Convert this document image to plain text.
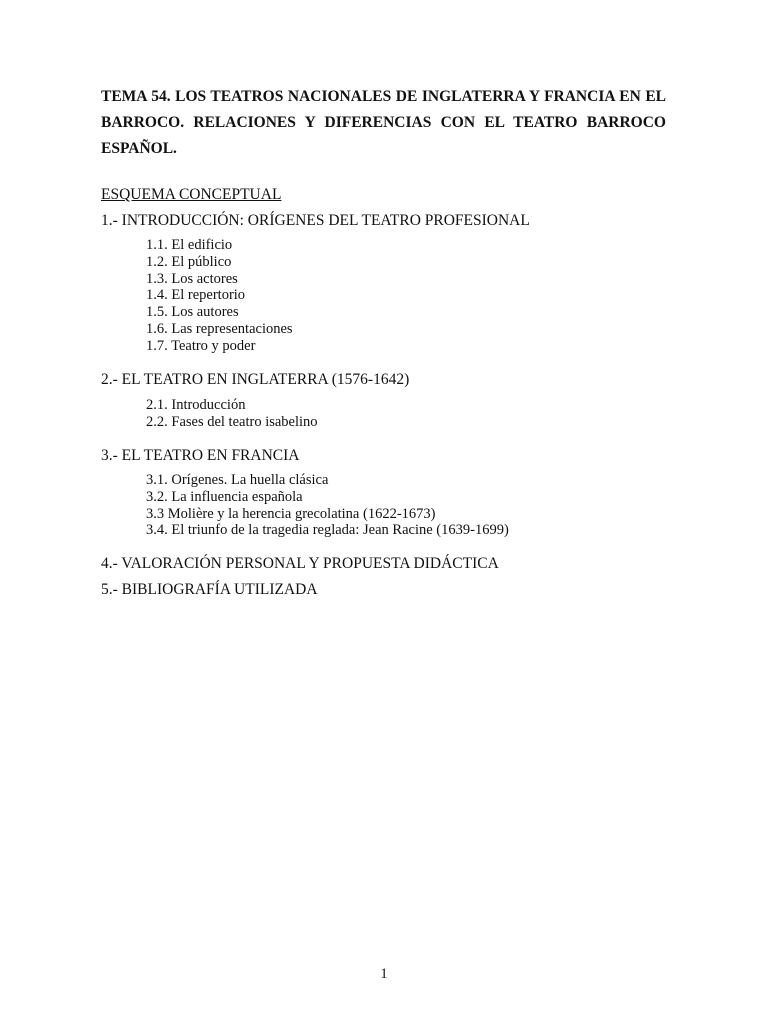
TEMA 54. LOS TEATROS NACIONALES DE INGLATERRA Y FRANCIA EN EL
BARROCO. RELACIONES Y DIFERENCIAS CON EL TEATRO BARROCO
ESPAÑOL.

ESQUEMA CONCEPTUAL

1.- INTRODUCCIÓN: ORÍGENES DEL TEATRO PROFESIONAL

1.1. El edificio
1.2. El público
1.3. Los actores
1.4. El repertorio
1.5. Los autores
1.6. Las representaciones
1.7. Teatro y poder

2.- EL TEATRO EN INGLATERRA (1576-1642)

2.1. Introducción
2.2. Fases del teatro isabelino

3.- EL TEATRO EN FRANCIA

3.1. Orígenes. La huella clásica
3.2. La influencia española
3.3 Molière y la herencia grecolatina (1622-1673)
3.4. El triunfo de la tragedia reglada: Jean Racine (1639-1699)

4.- VALORACIÓN PERSONAL Y PROPUESTA DIDÁCTICA

5.- BIBLIOGRAFÍA UTILIZADA

1
